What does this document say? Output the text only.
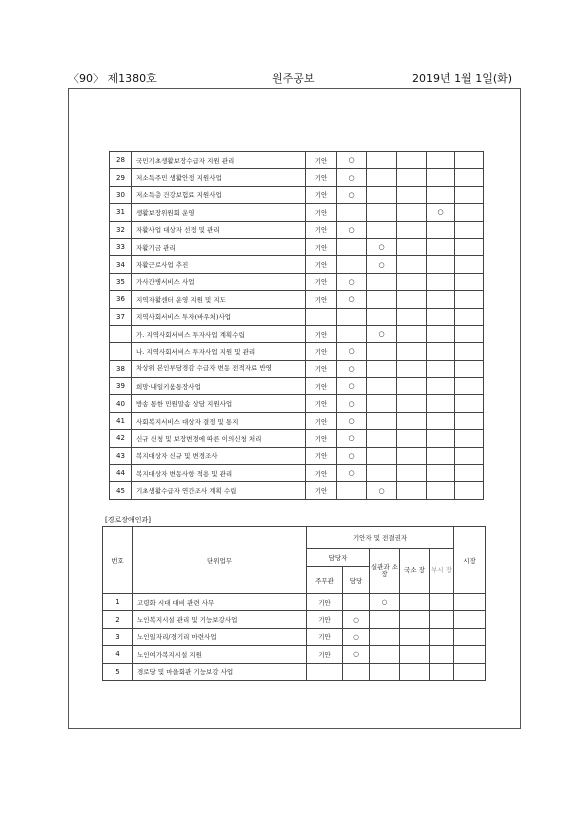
〈90〉 제1380호	원주공보	2019년 1월 1일(화)
28	국민기초생활보장수급자 지원 관리	기안	○				
29	저소득주민 생활안정 지원사업	기안	○				
30	저소득층 건강보험료 지원사업	기안	○				
31	생활보장위원회 운영	기안				○	
32	자활사업 대상자 선정 및 관리	기안	○				
33	자활기금 관리	기안		○			
34	자활근로사업 추진	기안		○			
35	가사간병서비스 사업	기안	○				
36	지역자활센터 운영 지원 및 지도	기안	○				
37	지역사회서비스 투자(바우처)사업						
	가. 지역사회서비스 투자사업 계획수립	기안		○			
	나. 지역사회서비스 투자사업 지원 및 관리	기안	○				
38	차상위 본인부담경감 수급자 변동 전적자료 반영	기안	○				
39	희망·내일키움통장사업	기안	○				
40	방송 통한 민원말솜 상담 지원사업	기안	○				
41	사회복지서비스 대상자 결정 및 통지	기안	○				
42	신규 신청 및 보장변경에 따른 이의신청 처리	기안	○				
43	복지대상자 신규 및 변경조사	기안	○				
44	복지대상자 변동사항 적용 및 관리	기안	○				
45	기초생활수급자 연간조사 계획 수립	기안		○			
[경로장애인과]
번호	단위업무	기안자 및 전결권자					시장
		담당자		실관과 소장	국소 장	부시 장	
		주무관	담당				
1	고령화 시대 대비 관련 사무	기안		○			
2	노인복지시설 관리 및 기능보강사업	기안	○				
3	노인일자리/경기리 마련사업	기안	○				
4	노인여가복지시설 지원	기안	○				
5	경로당 및 마을회관 기능보강 사업						
